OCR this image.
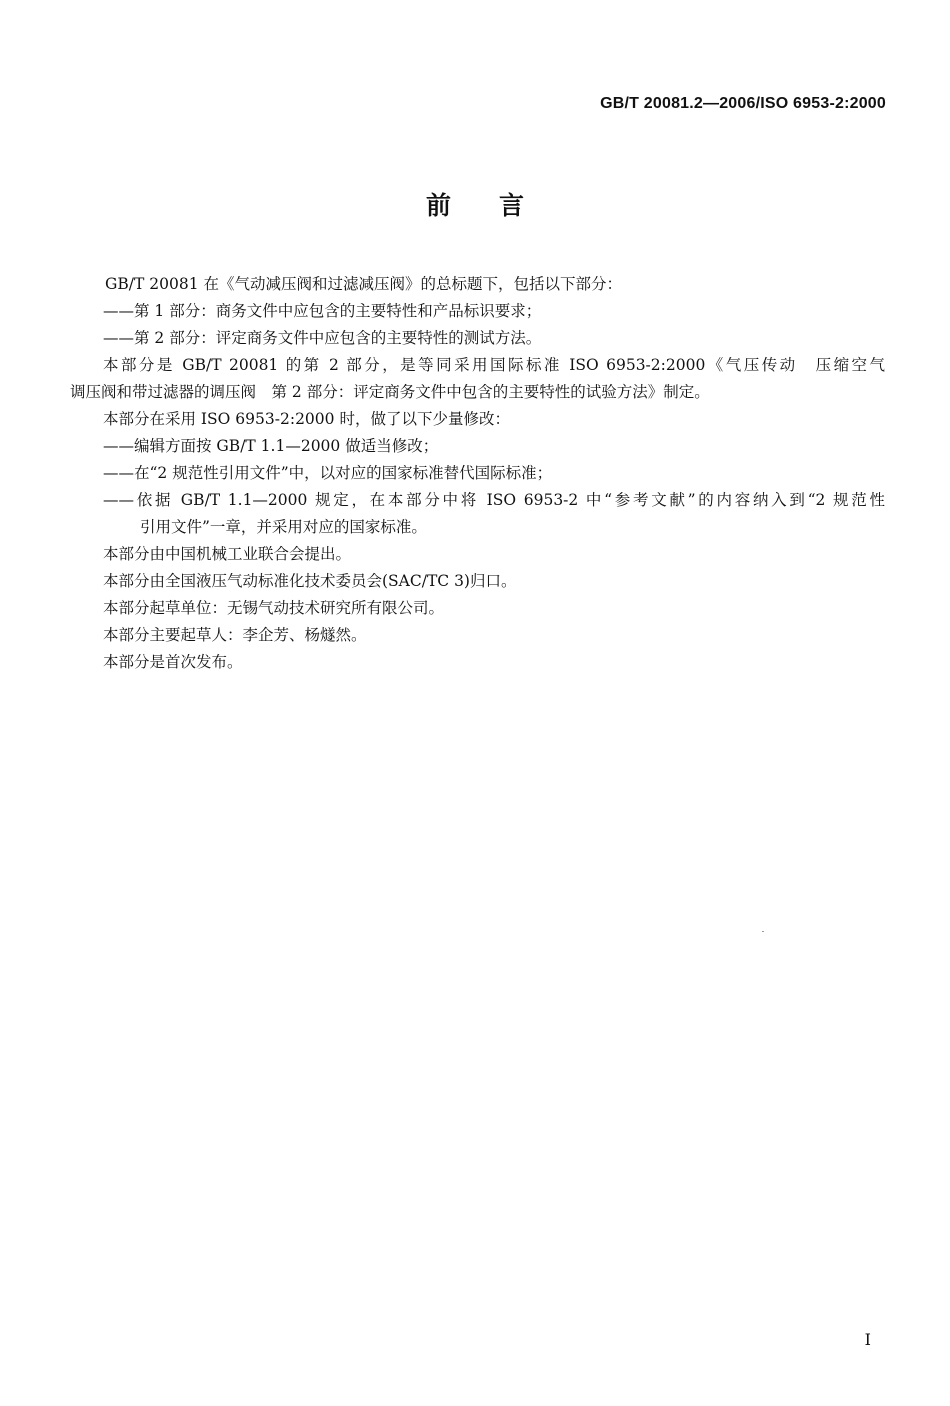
GB/T 20081.2—2006/ISO 6953-2:2000
前言

GB/T 20081 在《气动减压阀和过滤减压阀》的总标题下，包括以下部分：

——第 1 部分：商务文件中应包含的主要特性和产品标识要求；

——第 2 部分：评定商务文件中应包含的主要特性的测试方法。

本部分是 GB/T 20081 的第 2 部分，是等同采用国际标准 ISO 6953-2:2000《气压传动　压缩空气

调压阀和带过滤器的调压阀　第 2 部分：评定商务文件中包含的主要特性的试验方法》制定。

本部分在采用 ISO 6953-2:2000 时，做了以下少量修改：

——编辑方面按 GB/T 1.1—2000 做适当修改；

——在“2 规范性引用文件”中，以对应的国家标准替代国际标准；

——依据 GB/T 1.1—2000 规定，在本部分中将 ISO 6953-2 中“参考文献”的内容纳入到“2 规范性

引用文件”一章，并采用对应的国家标准。

本部分由中国机械工业联合会提出。

本部分由全国液压气动标准化技术委员会(SAC/TC 3)归口。

本部分起草单位：无锡气动技术研究所有限公司。

本部分主要起草人：李企芳、杨燧然。

本部分是首次发布。

I
